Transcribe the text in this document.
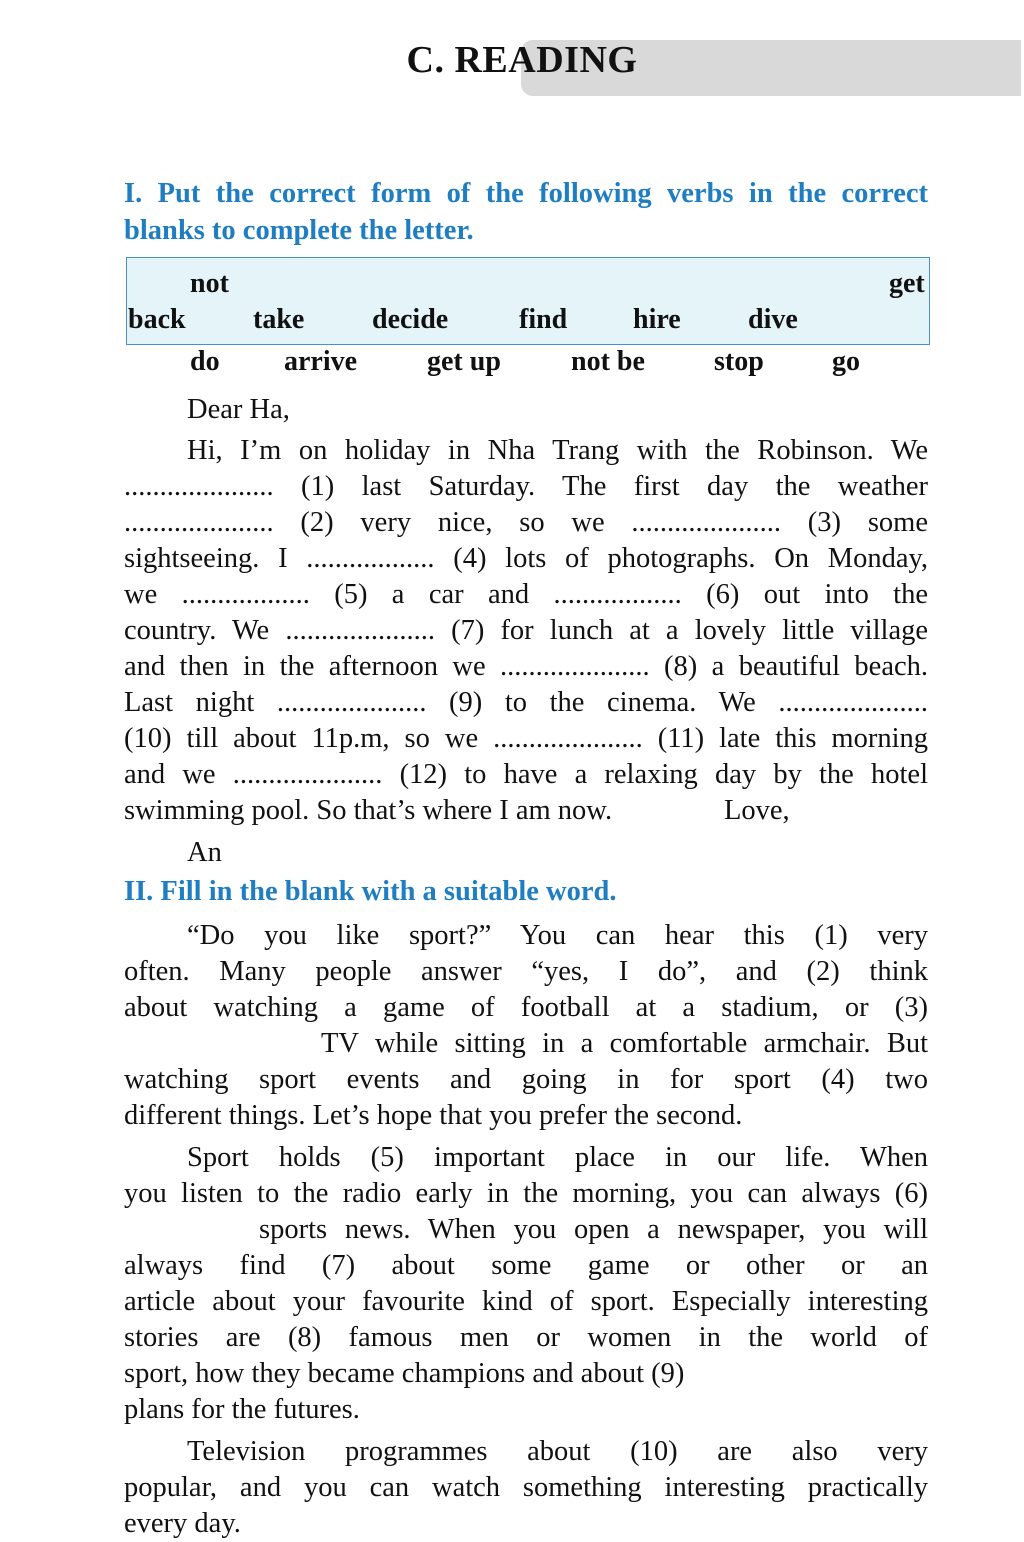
C. READING
I. Put the correct form of the following verbs in the correct
blanks to complete the letter.
not	get
back take decide	find hire dive
do arrive get up	not be stop go
Dear Ha,
Hi, I’m on holiday in Nha Trang with the Robinson. We
..................... (1) last Saturday. The first day the weather
..................... (2) very nice, so we ..................... (3) some
sightseeing. I .................. (4) lots of photographs. On Monday,
we .................. (5) a car and .................. (6) out into the
country. We ..................... (7) for lunch at a lovely little village
and then in the afternoon we ..................... (8) a beautiful beach.
Last night ..................... (9) to the cinema. We .....................
(10) till about 11p.m, so we ..................... (11) late this morning
and we ..................... (12) to have a relaxing day by the hotel
swimming pool. So that’s where I am now.	Love,
An
II. Fill in the blank with a suitable word.
“Do you like sport?” You can hear this (1) very
often. Many people answer “yes, I do”, and (2) think
about watching a game of football at a stadium, or (3)
TV while sitting in a comfortable armchair. But
watching sport events and going in for sport (4) two
different things. Let’s hope that you prefer the second.
Sport holds (5) important place in our life. When
you listen to the radio early in the morning, you can always (6)
sports news. When you open a newspaper, you will
always find (7) about some game or other or an
article about your favourite kind of sport. Especially interesting
stories are (8) famous men or women in the world of
sport, how they became champions and about (9)
plans for the futures.
Television programmes about (10) are also very
popular, and you can watch something interesting practically
every day.
